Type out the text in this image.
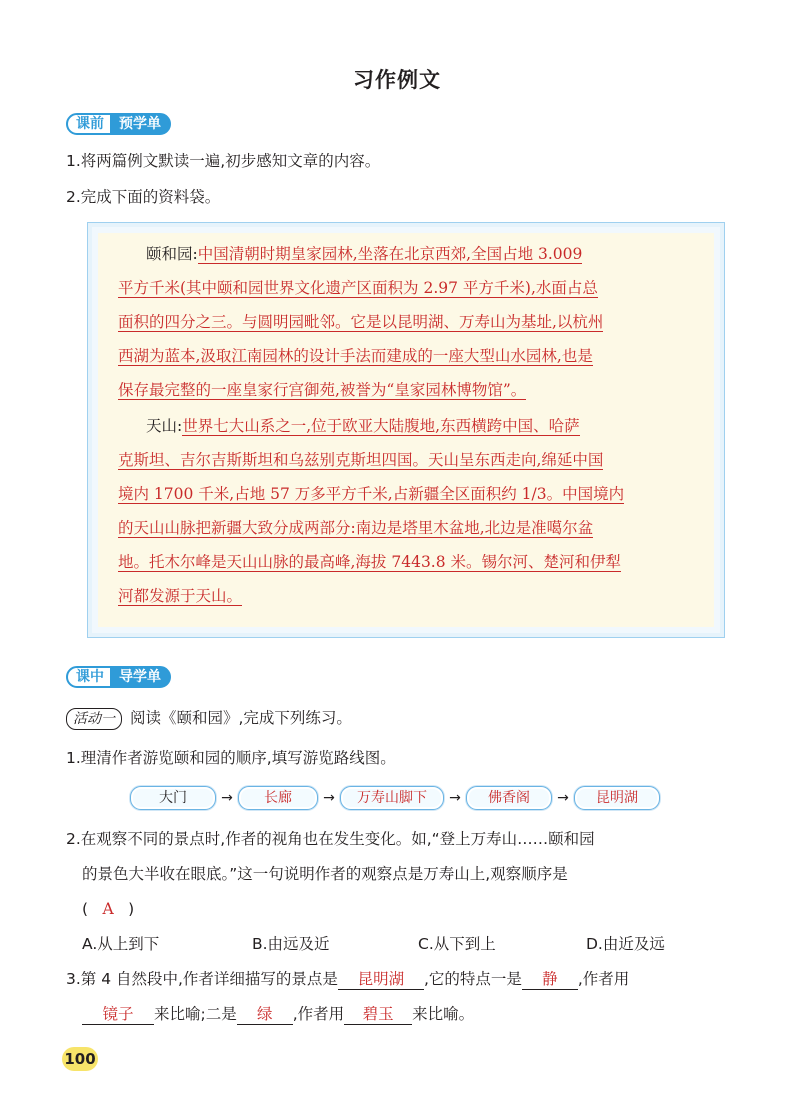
习作例文
课前	预学单
1.将两篇例文默读一遍,初步感知文章的内容。
2.完成下面的资料袋。
颐和园:中国清朝时期皇家园林,坐落在北京西郊,全国占地 3.009
平方千米(其中颐和园世界文化遗产区面积为 2.97 平方千米),水面占总
面积的四分之三。与圆明园毗邻。它是以昆明湖、万寿山为基址,以杭州
西湖为蓝本,汲取江南园林的设计手法而建成的一座大型山水园林,也是
保存最完整的一座皇家行宫御苑,被誉为“皇家园林博物馆”。
天山:世界七大山系之一,位于欧亚大陆腹地,东西横跨中国、哈萨
克斯坦、吉尔吉斯斯坦和乌兹别克斯坦四国。天山呈东西走向,绵延中国
境内 1700 千米,占地 57 万多平方千米,占新疆全区面积约 1/3。中国境内
的天山山脉把新疆大致分成两部分:南边是塔里木盆地,北边是准噶尔盆
地。托木尔峰是天山山脉的最高峰,海拔 7443.8 米。锡尔河、楚河和伊犁
河都发源于天山。
课中	导学单
活动一 阅读《颐和园》,完成下列练习。
1.理清作者游览颐和园的顺序,填写游览路线图。
大门	→	长廊	→	万寿山脚下	→	佛香阁	→	昆明湖
2.在观察不同的景点时,作者的视角也在发生变化。如,“登上万寿山……颐和园
的景色大半收在眼底。”这一句说明作者的观察点是万寿山上,观察顺序是
( A )
A.从上到下	B.由远及近	C.从下到上	D.由近及远
3.第 4 自然段中,作者详细描写的景点是 昆明湖 ,它的特点一是 静 ,作者用
镜子 来比喻;二是 绿 ,作者用 碧玉 来比喻。
100
